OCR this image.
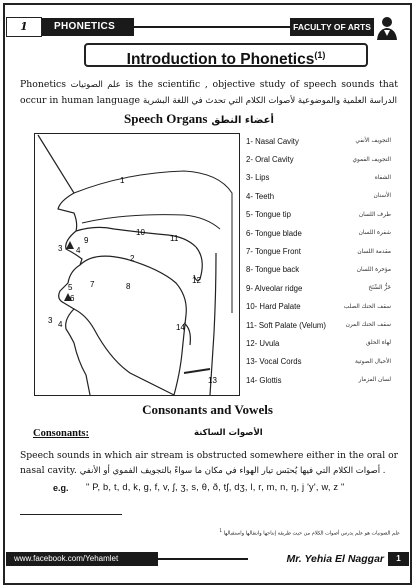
1	PHONETICS	FACULTY OF ARTS
Introduction to Phonetics$^{(1)}$
Phonetics علم الصوتيات is the scientific , objective study of speech sounds that occur in human language الدراسة العلمية والموضوعية لأصوات الكلام التي تحدث في اللغة البشرية
Speech Organs أعضاء النطق
1
2
3
3
4
4
5
6
7	8
9
10
11
12
13
14
1- Nasal Cavity	التجويف الأنفي
2- Oral Cavity	التجويف الفموي
3- Lips	الشفاه
4- Teeth	الأسنان
5- Tongue tip	طرف اللسان
6- Tongue blade	شفرة اللسان
7- Tongue Front	مقدمة اللسان
8- Tongue back	مؤخرة اللسان
9- Alveolar ridge	حَزُّ السِّنَخ
10- Hard Palate	سقف الحنك الصلب
11- Soft Palate (Velum)	سقف الحنك المرن
12- Uvula	لهاة الحلق
13- Vocal Cords	الأحبال الصوتية
14- Glottis	لسان المزمار
Consonants and Vowels
Consonants:	الأصوات الساكنة
Speech sounds in which air stream is obstructed somewhere either in the oral or nasal cavity. أصوات الكلام التي فيها يُحبَس تيار الهواء في مكان ما سواءً بالتجويف الفموي أو الأنفي .
e.g. " P, b, t, d, k, g, f, v, ʃ, ʒ, s, θ, ð, tʃ, dʒ, l, r, m, n, ŋ, j 'y', w, z "
علم الصوتيات هو علم يدرس أصوات الكلام من حيث طريقة إنتاجها وانتقالها واستقبالها $^1$
www.facebook.com/Yehamlet	Mr. Yehia El Naggar	1
